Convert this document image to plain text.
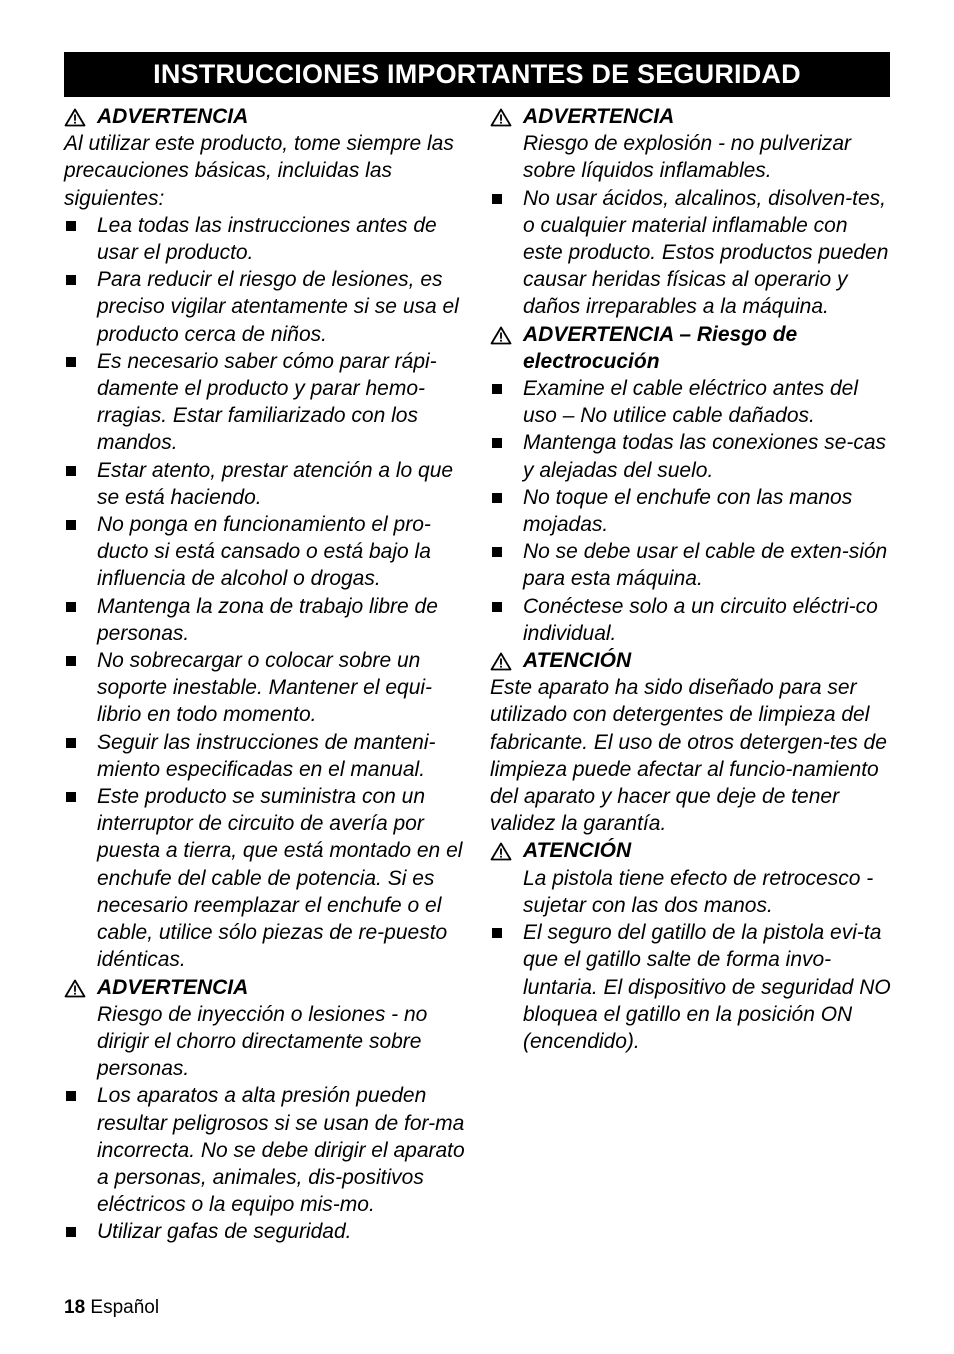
INSTRUCCIONES IMPORTANTES DE SEGURIDAD
ADVERTENCIA
Al utilizar este producto, tome siempre las precauciones básicas, incluidas las siguientes:
Lea todas las instrucciones antes de usar el producto.
Para reducir el riesgo de lesiones, es preciso vigilar atentamente si se usa el producto cerca de niños.
Es necesario saber cómo parar rápi-damente el producto y parar hemo-rragias. Estar familiarizado con los mandos.
Estar atento, prestar atención a lo que se está haciendo.
No ponga en funcionamiento el pro-ducto si está cansado o está bajo la influencia de alcohol o drogas.
Mantenga la zona de trabajo libre de personas.
No sobrecargar o colocar sobre un soporte inestable. Mantener el equi-librio en todo momento.
Seguir las instrucciones de manteni-miento especificadas en el manual.
Este producto se suministra con un interruptor de circuito de avería por puesta a tierra, que está montado en el enchufe del cable de potencia. Si es necesario reemplazar el enchufe o el cable, utilice sólo piezas de re-puesto idénticas.
ADVERTENCIA
Riesgo de inyección o lesiones - no dirigir el chorro directamente sobre personas.
Los aparatos a alta presión pueden resultar peligrosos si se usan de for-ma incorrecta. No se debe dirigir el aparato a personas, animales, dis-positivos eléctricos o la equipo mis-mo.
Utilizar gafas de seguridad.
ADVERTENCIA
Riesgo de explosión - no pulverizar sobre líquidos inflamables.
No usar ácidos, alcalinos, disolven-tes, o cualquier material inflamable con este producto. Estos productos pueden causar heridas físicas al operario y daños irreparables a la máquina.
ADVERTENCIA – Riesgo de electrocución
Examine el cable eléctrico antes del uso – No utilice cable dañados.
Mantenga todas las conexiones se-cas y alejadas del suelo.
No toque el enchufe con las manos mojadas.
No se debe usar el cable de exten-sión para esta máquina.
Conéctese solo a un circuito eléctri-co individual.
ATENCIÓN
Este aparato ha sido diseñado para ser utilizado con detergentes de limpieza del fabricante. El uso de otros detergen-tes de limpieza puede afectar al funcio-namiento del aparato y hacer que deje de tener validez la garantía.
ATENCIÓN
La pistola tiene efecto de retrocesco - sujetar con las dos manos.
El seguro del gatillo de la pistola evi-ta que el gatillo salte de forma invo-luntaria. El dispositivo de seguridad NO bloquea el gatillo en la posición ON (encendido).
18 Español
